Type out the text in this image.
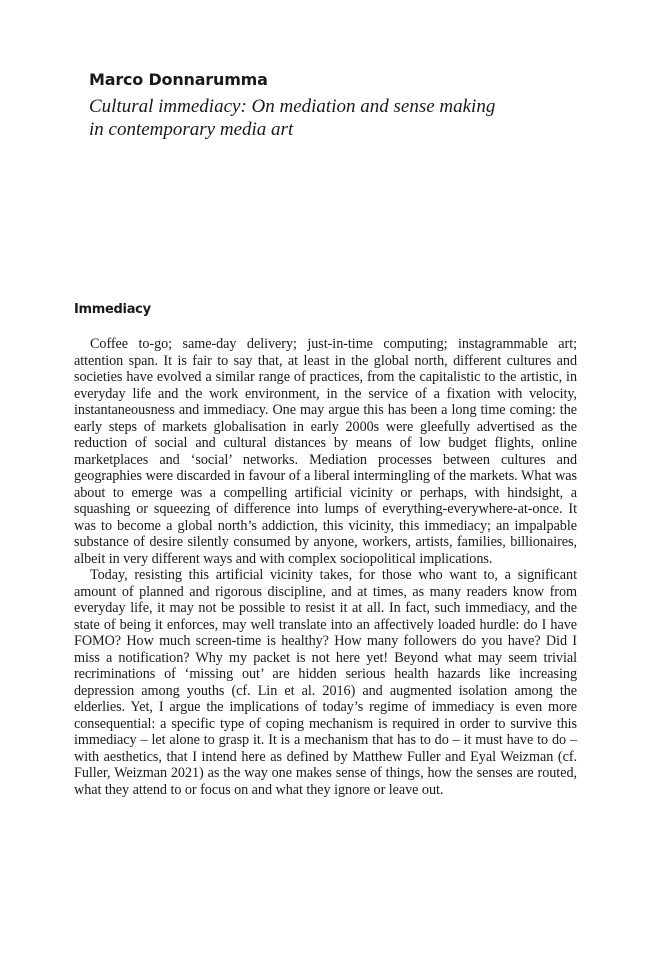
Marco Donnarumma

Cultural immediacy: On mediation and sense making
in contemporary media art
Immediacy

Coffee to-go; same-day delivery; just-in-time computing; instagrammable art; attention span. It is fair to say that, at least in the global north, different cultures and societies have evolved a similar range of practices, from the capitalistic to the artistic, in everyday life and the work environment, in the service of a fixation with velocity, instantaneousness and immediacy. One may argue this has been a long time coming: the early steps of markets globalisation in early 2000s were gleefully advertised as the reduction of social and cultural distances by means of low budget flights, online marketplaces and ‘social’ networks. Mediation processes between cultures and geographies were discarded in favour of a liberal intermingling of the markets. What was about to emerge was a compelling artificial vicinity or perhaps, with hindsight, a squashing or squeezing of difference into lumps of everything-everywhere-at-once. It was to become a global north’s addiction, this vicinity, this immediacy; an impalpable substance of desire silently consumed by anyone, workers, artists, families, billionaires, albeit in very different ways and with complex sociopolitical implications.

Today, resisting this artificial vicinity takes, for those who want to, a significant amount of planned and rigorous discipline, and at times, as many readers know from everyday life, it may not be possible to resist it at all. In fact, such immediacy, and the state of being it enforces, may well translate into an affectively loaded hurdle: do I have FOMO? How much screen-time is healthy? How many followers do you have? Did I miss a notification? Why my packet is not here yet! Beyond what may seem trivial recriminations of ‘missing out’ are hidden serious health hazards like increasing depression among youths (cf. Lin et al. 2016) and augmented isolation among the elderlies. Yet, I argue the implications of today’s regime of immediacy is even more consequential: a specific type of coping mechanism is required in order to survive this immediacy – let alone to grasp it. It is a mechanism that has to do – it must have to do – with aesthetics, that I intend here as defined by Matthew Fuller and Eyal Weizman (cf. Fuller, Weizman 2021) as the way one makes sense of things, how the senses are routed, what they attend to or focus on and what they ignore or leave out.
